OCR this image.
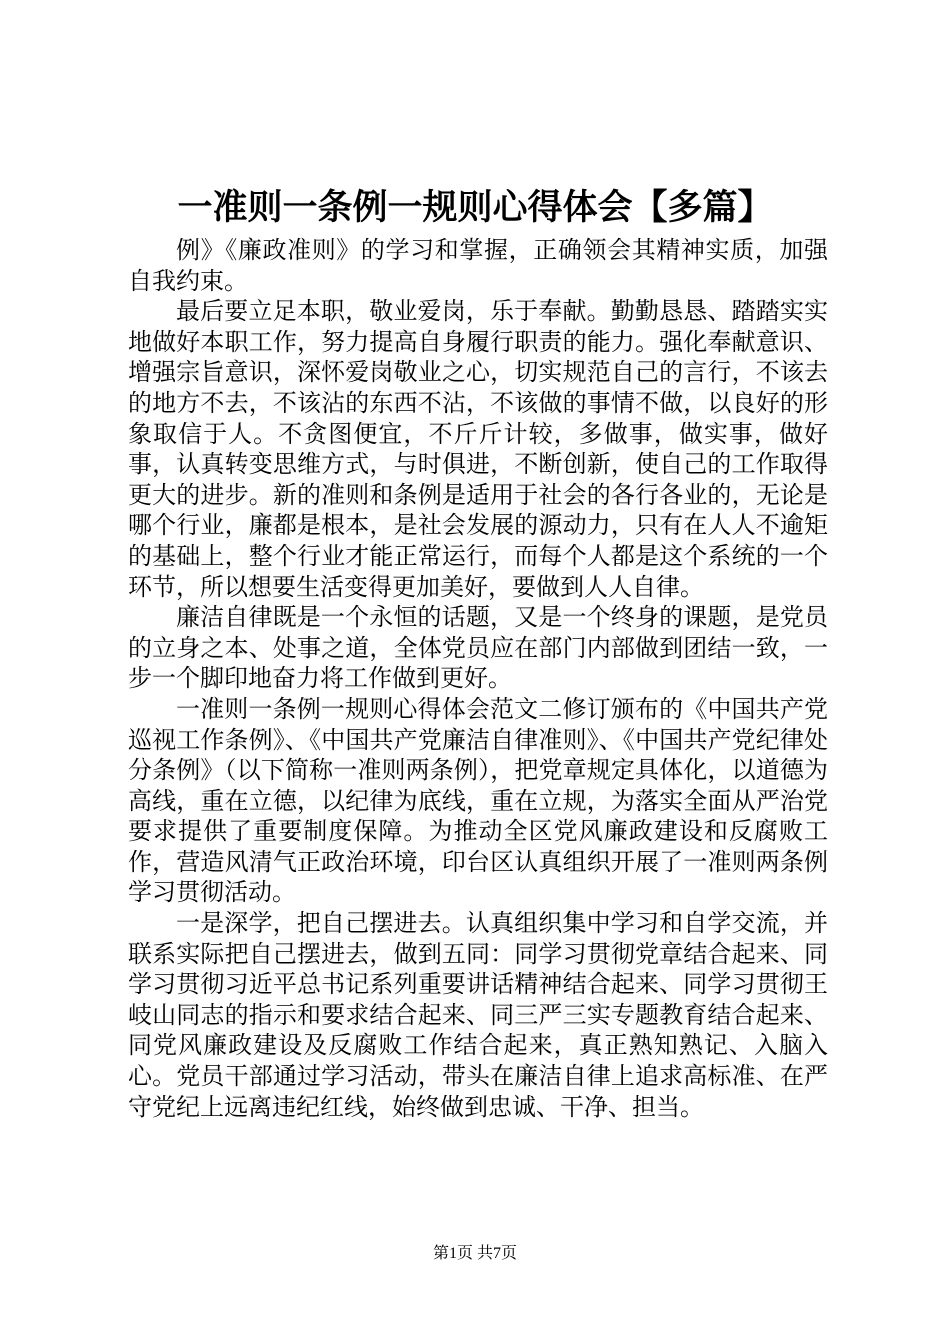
一准则一条例一规则心得体会【多篇】

例》《廉政准则》的学习和掌握，正确领会其精神实质，加强自我约束。

最后要立足本职，敬业爱岗，乐于奉献。勤勤恳恳、踏踏实实地做好本职工作，努力提高自身履行职责的能力。强化奉献意识、增强宗旨意识，深怀爱岗敬业之心，切实规范自己的言行，不该去的地方不去，不该沾的东西不沾，不该做的事情不做，以良好的形象取信于人。不贪图便宜，不斤斤计较，多做事，做实事，做好事，认真转变思维方式，与时俱进，不断创新，使自己的工作取得更大的进步。新的准则和条例是适用于社会的各行各业的，无论是哪个行业，廉都是根本，是社会发展的源动力，只有在人人不逾矩的基础上，整个行业才能正常运行，而每个人都是这个系统的一个环节，所以想要生活变得更加美好，要做到人人自律。

廉洁自律既是一个永恒的话题，又是一个终身的课题，是党员的立身之本、处事之道，全体党员应在部门内部做到团结一致，一步一个脚印地奋力将工作做到更好。

一准则一条例一规则心得体会范文二修订颁布的《中国共产党巡视工作条例》、《中国共产党廉洁自律准则》、《中国共产党纪律处分条例》（以下简称一准则两条例），把党章规定具体化，以道德为高线，重在立德，以纪律为底线，重在立规，为落实全面从严治党要求提供了重要制度保障。为推动全区党风廉政建设和反腐败工作，营造风清气正政治环境，印台区认真组织开展了一准则两条例学习贯彻活动。

一是深学，把自己摆进去。认真组织集中学习和自学交流，并联系实际把自己摆进去，做到五同：同学习贯彻党章结合起来、同学习贯彻习近平总书记系列重要讲话精神结合起来、同学习贯彻王岐山同志的指示和要求结合起来、同三严三实专题教育结合起来、同党风廉政建设及反腐败工作结合起来，真正熟知熟记、入脑入心。党员干部通过学习活动，带头在廉洁自律上追求高标准、在严守党纪上远离违纪红线，始终做到忠诚、干净、担当。

第1页 共7页
